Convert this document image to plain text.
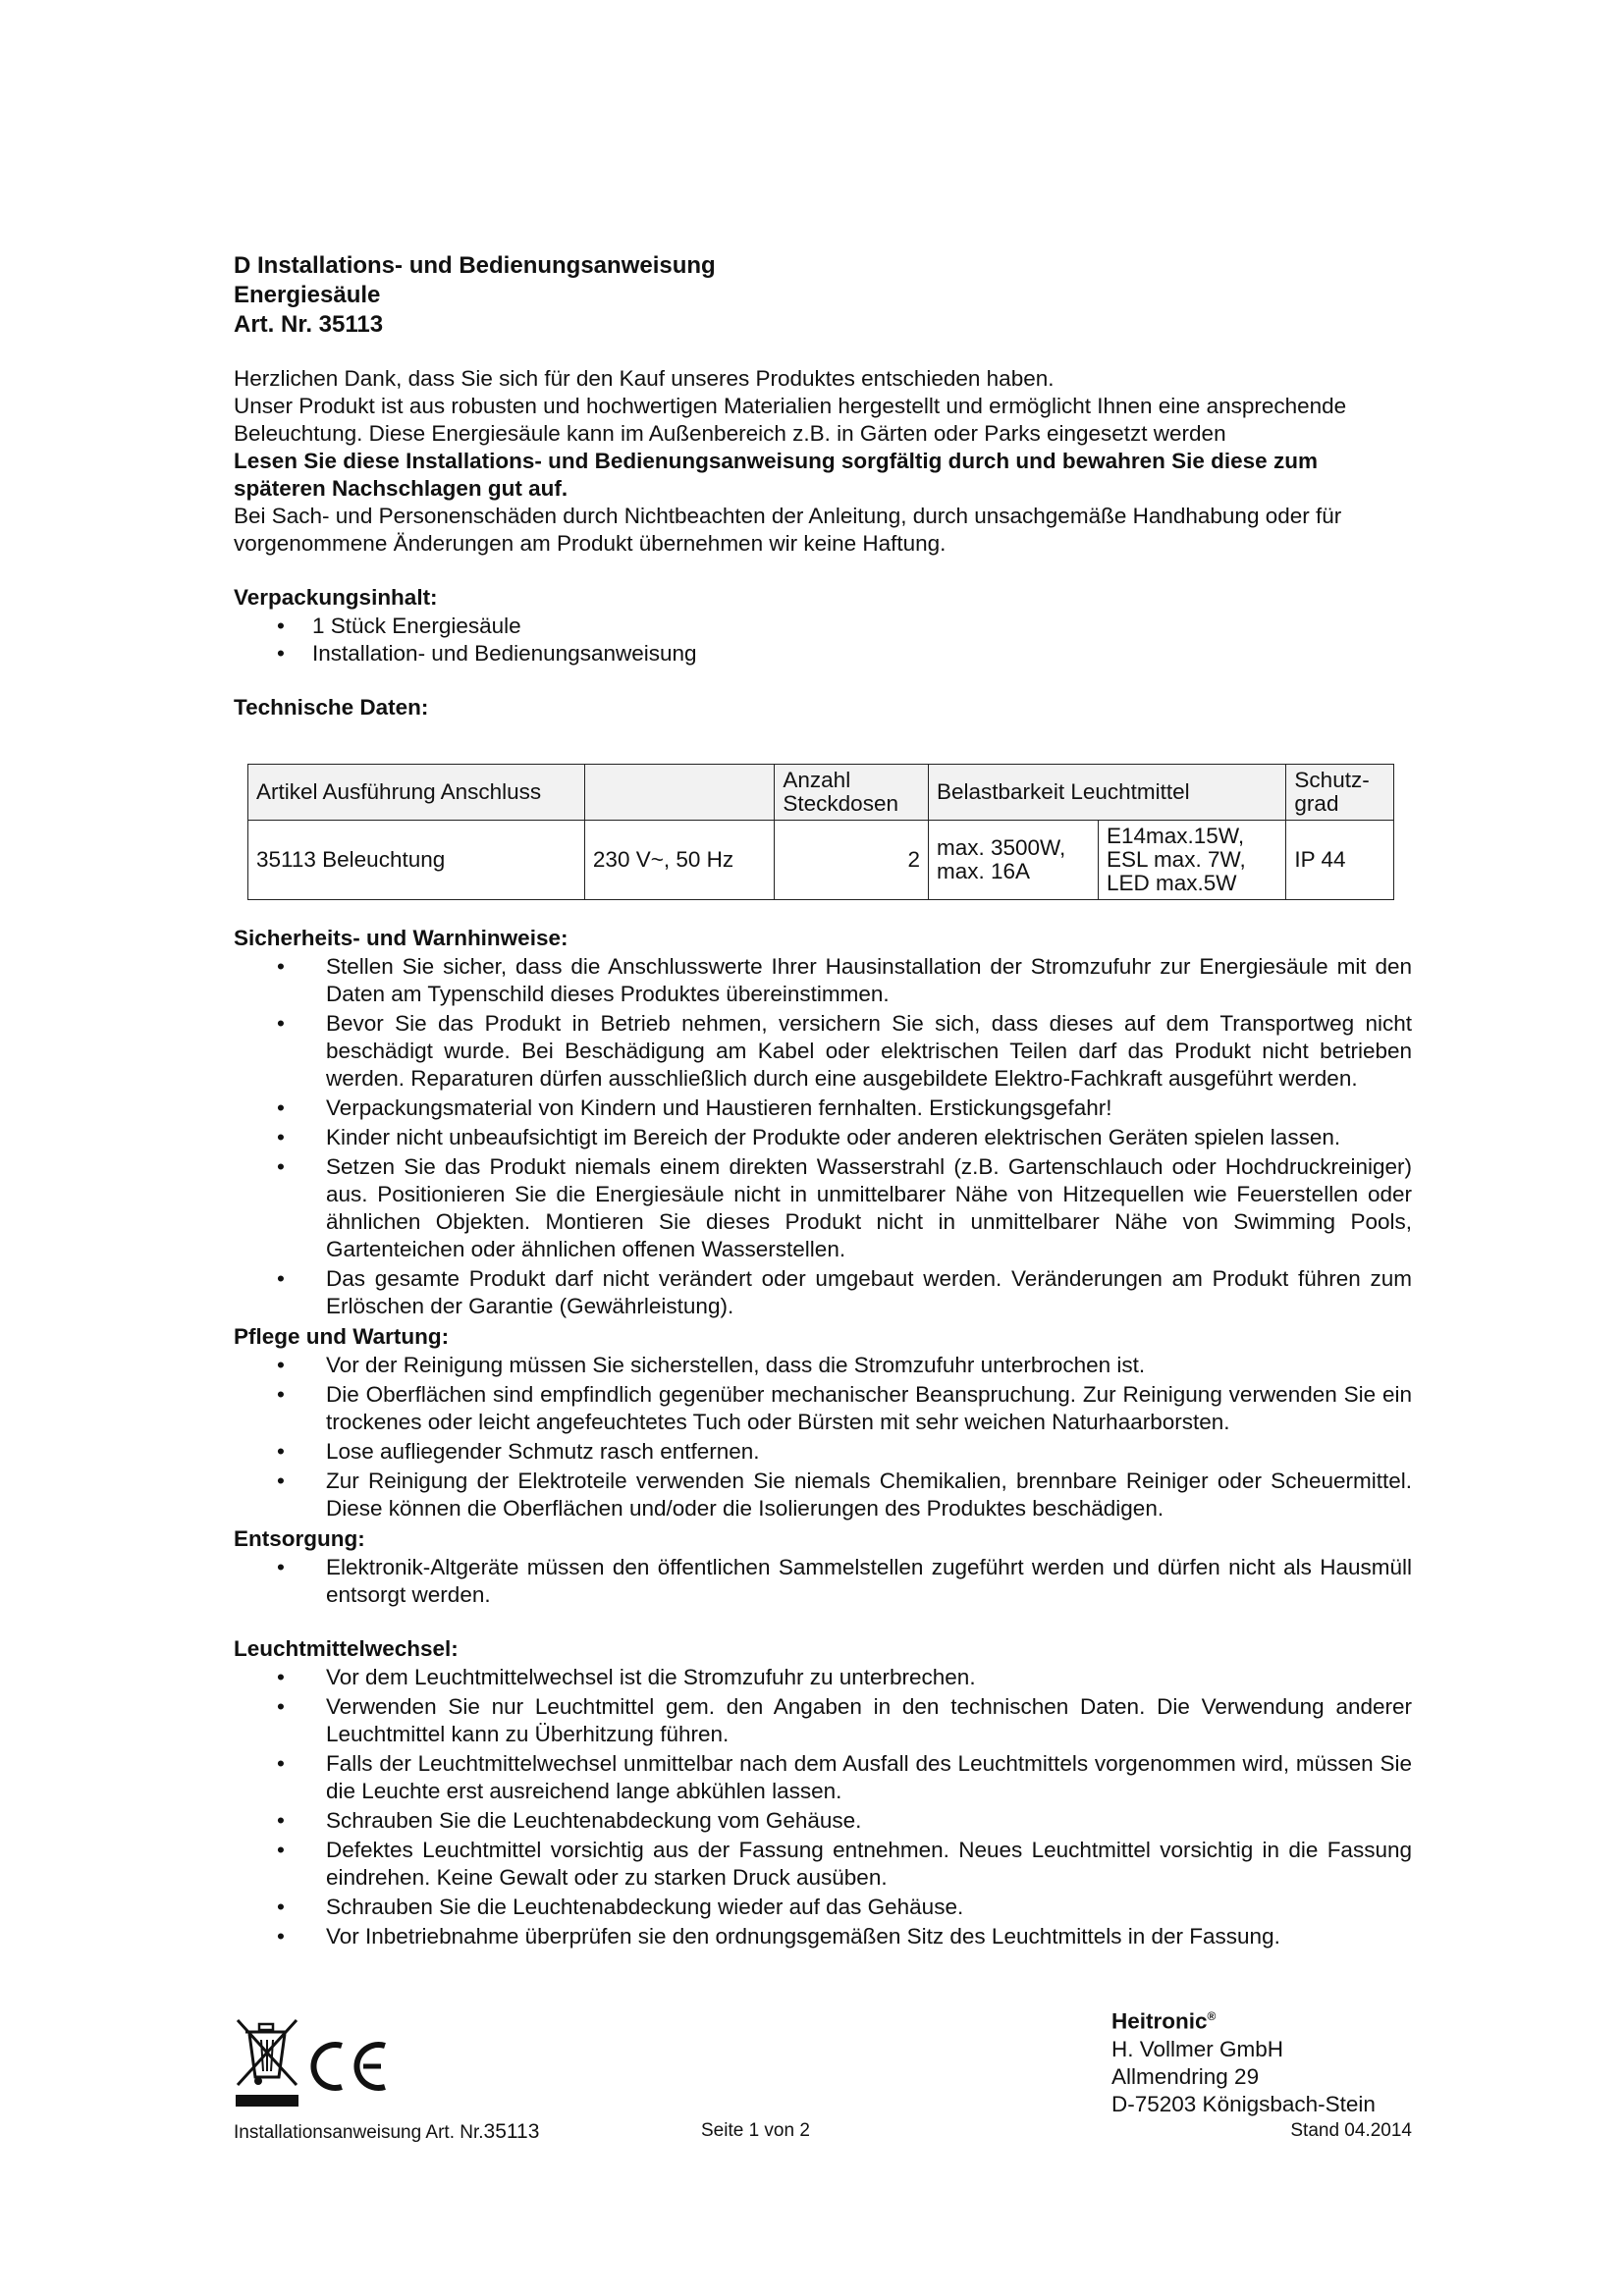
D Installations- und Bedienungsanweisung
Energiesäule
Art. Nr. 35113

Herzlichen Dank, dass Sie sich für den Kauf unseres Produktes entschieden haben.

Unser Produkt ist aus robusten und hochwertigen Materialien hergestellt und ermöglicht Ihnen eine ansprechende Beleuchtung. Diese Energiesäule kann im Außenbereich z.B. in Gärten oder Parks eingesetzt werden

Lesen Sie diese Installations- und Bedienungsanweisung sorgfältig durch und bewahren Sie diese zum späteren Nachschlagen gut auf.

Bei Sach- und Personenschäden durch Nichtbeachten der Anleitung, durch unsachgemäße Handhabung oder für vorgenommene Änderungen am Produkt übernehmen wir keine Haftung.

Verpackungsinhalt:
• 1 Stück Energiesäule
• Installation- und Bedienungsanweisung
Technische Daten:
Artikel Ausführung Anschluss		Anzahl Steckdosen	Belastbarkeit Leuchtmittel		Schutz-grad
35113 Beleuchtung	230 V~, 50 Hz	2	max. 3500W, max. 16A	E14max.15W,
ESL max. 7W,
LED max.5W	IP 44
Sicherheits- und Warnhinweise:
• Stellen Sie sicher, dass die Anschlusswerte Ihrer Hausinstallation der Stromzufuhr zur Energiesäule mit den Daten am Typenschild dieses Produktes übereinstimmen.
• Bevor Sie das Produkt in Betrieb nehmen, versichern Sie sich, dass dieses auf dem Transportweg nicht beschädigt wurde. Bei Beschädigung am Kabel oder elektrischen Teilen darf das Produkt nicht betrieben werden. Reparaturen dürfen ausschließlich durch eine ausgebildete Elektro-Fachkraft ausgeführt werden.
• Verpackungsmaterial von Kindern und Haustieren fernhalten. Erstickungsgefahr!
• Kinder nicht unbeaufsichtigt im Bereich der Produkte oder anderen elektrischen Geräten spielen lassen.
• Setzen Sie das Produkt niemals einem direkten Wasserstrahl (z.B. Gartenschlauch oder Hochdruckreiniger) aus. Positionieren Sie die Energiesäule nicht in unmittelbarer Nähe von Hitzequellen wie Feuerstellen oder ähnlichen Objekten. Montieren Sie dieses Produkt nicht in unmittelbarer Nähe von Swimming Pools, Gartenteichen oder ähnlichen offenen Wasserstellen.
• Das gesamte Produkt darf nicht verändert oder umgebaut werden. Veränderungen am Produkt führen zum Erlöschen der Garantie (Gewährleistung).
Pflege und Wartung:
• Vor der Reinigung müssen Sie sicherstellen, dass die Stromzufuhr unterbrochen ist.
• Die Oberflächen sind empfindlich gegenüber mechanischer Beanspruchung. Zur Reinigung verwenden Sie ein trockenes oder leicht angefeuchtetes Tuch oder Bürsten mit sehr weichen Naturhaarborsten.
• Lose aufliegender Schmutz rasch entfernen.
• Zur Reinigung der Elektroteile verwenden Sie niemals Chemikalien, brennbare Reiniger oder Scheuermittel. Diese können die Oberflächen und/oder die Isolierungen des Produktes beschädigen.
Entsorgung:
• Elektronik-Altgeräte müssen den öffentlichen Sammelstellen zugeführt werden und dürfen nicht als Hausmüll entsorgt werden.
Leuchtmittelwechsel:
• Vor dem Leuchtmittelwechsel ist die Stromzufuhr zu unterbrechen.
• Verwenden Sie nur Leuchtmittel gem. den Angaben in den technischen Daten. Die Verwendung anderer Leuchtmittel kann zu Überhitzung führen.
• Falls der Leuchtmittelwechsel unmittelbar nach dem Ausfall des Leuchtmittels vorgenommen wird, müssen Sie die Leuchte erst ausreichend lange abkühlen lassen.
• Schrauben Sie die Leuchtenabdeckung vom Gehäuse.
• Defektes Leuchtmittel vorsichtig aus der Fassung entnehmen. Neues Leuchtmittel vorsichtig in die Fassung eindrehen. Keine Gewalt oder zu starken Druck ausüben.
• Schrauben Sie die Leuchtenabdeckung wieder auf das Gehäuse.
• Vor Inbetriebnahme überprüfen sie den ordnungsgemäßen Sitz des Leuchtmittels in der Fassung.
Heitronic®
H. Vollmer GmbH
Allmendring 29
D-75203 Königsbach-Stein
Installationsanweisung Art. Nr.35113	Seite 1 von 2	Stand 04.2014
